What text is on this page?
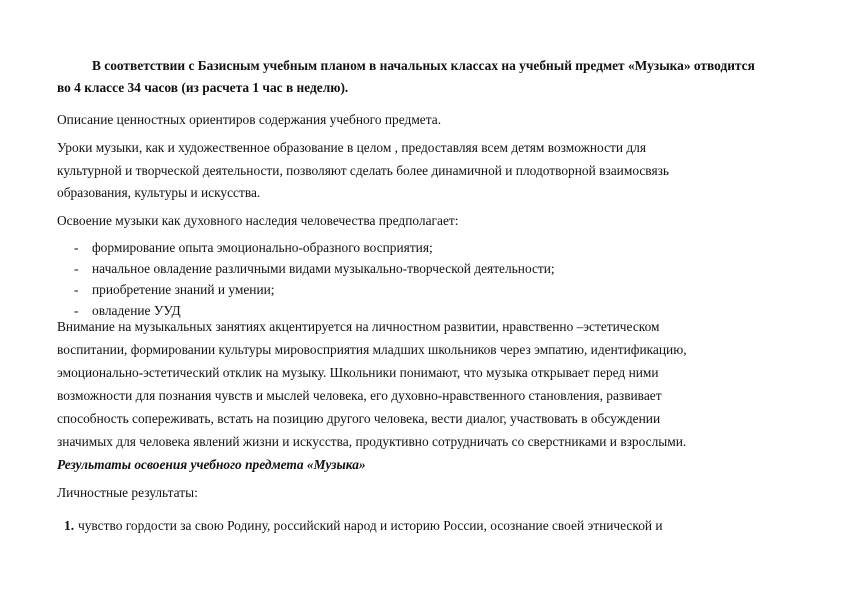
В соответствии с Базисным учебным планом в начальных классах на учебный предмет «Музыка» отводится
во 4 классе 34 часов (из расчета 1 час в неделю).
Описание ценностных ориентиров содержания учебного предмета.
Уроки музыки, как и художественное образование в целом , предоставляя всем детям возможности для
культурной и творческой деятельности, позволяют сделать более динамичной и плодотворной взаимосвязь
образования, культуры и искусства.
Освоение музыки как духовного наследия человечества предполагает:
- формирование опыта эмоционально-образного восприятия;
- начальное овладение различными видами музыкально-творческой деятельности;
- приобретение знаний и умении;
- овладение УУД
Внимание на музыкальных занятиях акцентируется на личностном развитии, нравственно –эстетическом
воспитании, формировании культуры мировосприятия младших школьников через эмпатию, идентификацию,
эмоционально-эстетический отклик на музыку. Школьники понимают, что музыка открывает перед ними
возможности для познания чувств и мыслей человека, его духовно-нравственного становления, развивает
способность сопереживать, встать на позицию другого человека, вести диалог, участвовать в обсуждении
значимых для человека явлений жизни и искусства, продуктивно сотрудничать со сверстниками и взрослыми.
Результаты освоения учебного предмета «Музыка»
Личностные результаты:
1. чувство гордости за свою Родину, российский народ и историю России, осознание своей этнической и
